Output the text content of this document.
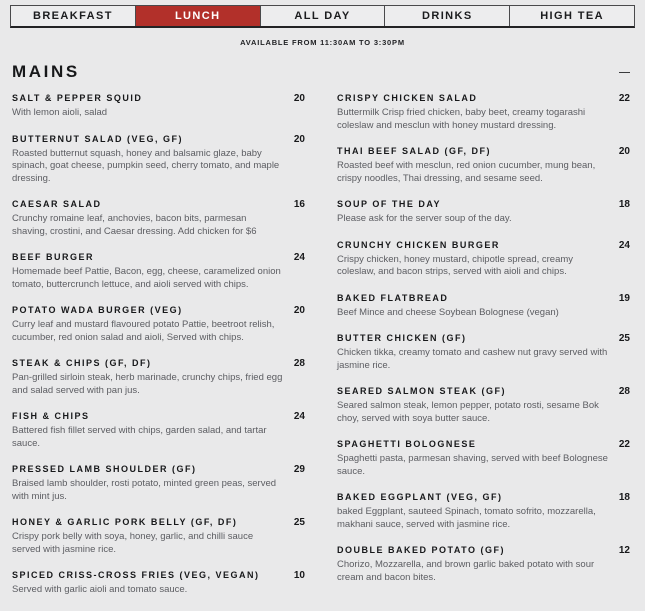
BREAKFAST	LUNCH	ALL DAY	DRINKS	HIGH TEA
AVAILABLE FROM 11:30AM TO 3:30PM
MAINS
SALT & PEPPER SQUID	20
With lemon aioli, salad
BUTTERNUT SALAD (VEG, GF)	20
Roasted butternut squash, honey and balsamic glaze, baby spinach, goat cheese, pumpkin seed, cherry tomato, and maple dressing.
CAESAR SALAD	16
Crunchy romaine leaf, anchovies, bacon bits, parmesan shaving, crostini, and Caesar dressing. Add chicken for $6
BEEF BURGER	24
Homemade beef Pattie, Bacon, egg, cheese, caramelized onion tomato, buttercrunch lettuce, and aioli served with chips.
POTATO WADA BURGER (VEG)	20
Curry leaf and mustard flavoured potato Pattie, beetroot relish, cucumber, red onion salad and aioli, Served with chips.
STEAK & CHIPS (GF, DF)	28
Pan-grilled sirloin steak, herb marinade, crunchy chips, fried egg and salad served with pan jus.
FISH & CHIPS	24
Battered fish fillet served with chips, garden salad, and tartar sauce.
PRESSED LAMB SHOULDER (GF)	29
Braised lamb shoulder, rosti potato, minted green peas, served with mint jus.
HONEY & GARLIC PORK BELLY (GF, DF)	25
Crispy pork belly with soya, honey, garlic, and chilli sauce served with jasmine rice.
SPICED CRISS-CROSS FRIES (VEG, VEGAN)	10
Served with garlic aioli and tomato sauce.
CRISPY CHICKEN SALAD	22
Buttermilk Crisp fried chicken, baby beet, creamy togarashi coleslaw and mesclun with honey mustard dressing.
THAI BEEF SALAD (GF, DF)	20
Roasted beef with mesclun, red onion cucumber, mung bean, crispy noodles, Thai dressing, and sesame seed.
SOUP OF THE DAY	18
Please ask for the server soup of the day.
CRUNCHY CHICKEN BURGER	24
Crispy chicken, honey mustard, chipotle spread, creamy coleslaw, and bacon strips, served with aioli and chips.
BAKED FLATBREAD	19
Beef Mince and cheese Soybean Bolognese (vegan)
BUTTER CHICKEN (GF)	25
Chicken tikka, creamy tomato and cashew nut gravy served with jasmine rice.
SEARED SALMON STEAK (GF)	28
Seared salmon steak, lemon pepper, potato rosti, sesame Bok choy, served with soya butter sauce.
SPAGHETTI BOLOGNESE	22
Spaghetti pasta, parmesan shaving, served with beef Bolognese sauce.
BAKED EGGPLANT (VEG, GF)	18
baked Eggplant, sauteed Spinach, tomato sofrito, mozzarella, makhani sauce, served with jasmine rice.
DOUBLE BAKED POTATO (GF)	12
Chorizo, Mozzarella, and brown garlic baked potato with sour cream and bacon bites.
